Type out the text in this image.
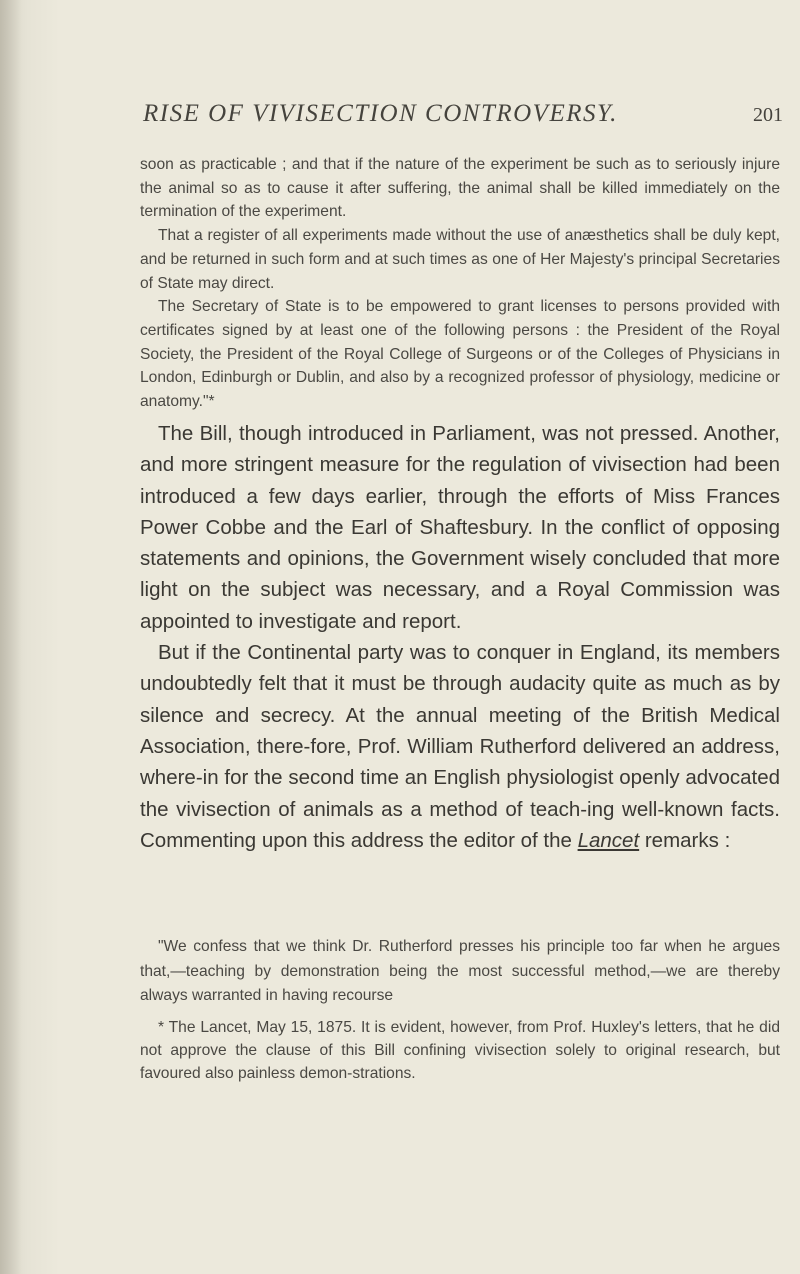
RISE OF VIVISECTION CONTROVERSY.	201

soon as practicable ; and that if the nature of the experiment be such as to seriously injure the animal so as to cause it after suffering, the animal shall be killed immediately on the termination of the experiment.

That a register of all experiments made without the use of anæsthetics shall be duly kept, and be returned in such form and at such times as one of Her Majesty's principal Secretaries of State may direct.

The Secretary of State is to be empowered to grant licenses to persons provided with certificates signed by at least one of the following persons : the President of the Royal Society, the President of the Royal College of Surgeons or of the Colleges of Physicians in London, Edinburgh or Dublin, and also by a recognized professor of physiology, medicine or anatomy."*

The Bill, though introduced in Parliament, was not pressed. Another, and more stringent measure for the regulation of vivisection had been introduced a few days earlier, through the efforts of Miss Frances Power Cobbe and the Earl of Shaftesbury. In the conflict of opposing statements and opinions, the Government wisely concluded that more light on the subject was necessary, and a Royal Commission was appointed to investigate and report.

But if the Continental party was to conquer in England, its members undoubtedly felt that it must be through audacity quite as much as by silence and secrecy. At the annual meeting of the British Medical Association, there-fore, Prof. William Rutherford delivered an address, where-in for the second time an English physiologist openly advocated the vivisection of animals as a method of teach-ing well-known facts. Commenting upon this address the editor of the Lancet remarks :

"We confess that we think Dr. Rutherford presses his principle too far when he argues that,—teaching by demonstration being the most successful method,—we are thereby always warranted in having recourse

* The Lancet, May 15, 1875. It is evident, however, from Prof. Huxley's letters, that he did not approve the clause of this Bill confining vivisection solely to original research, but favoured also painless demon-strations.
